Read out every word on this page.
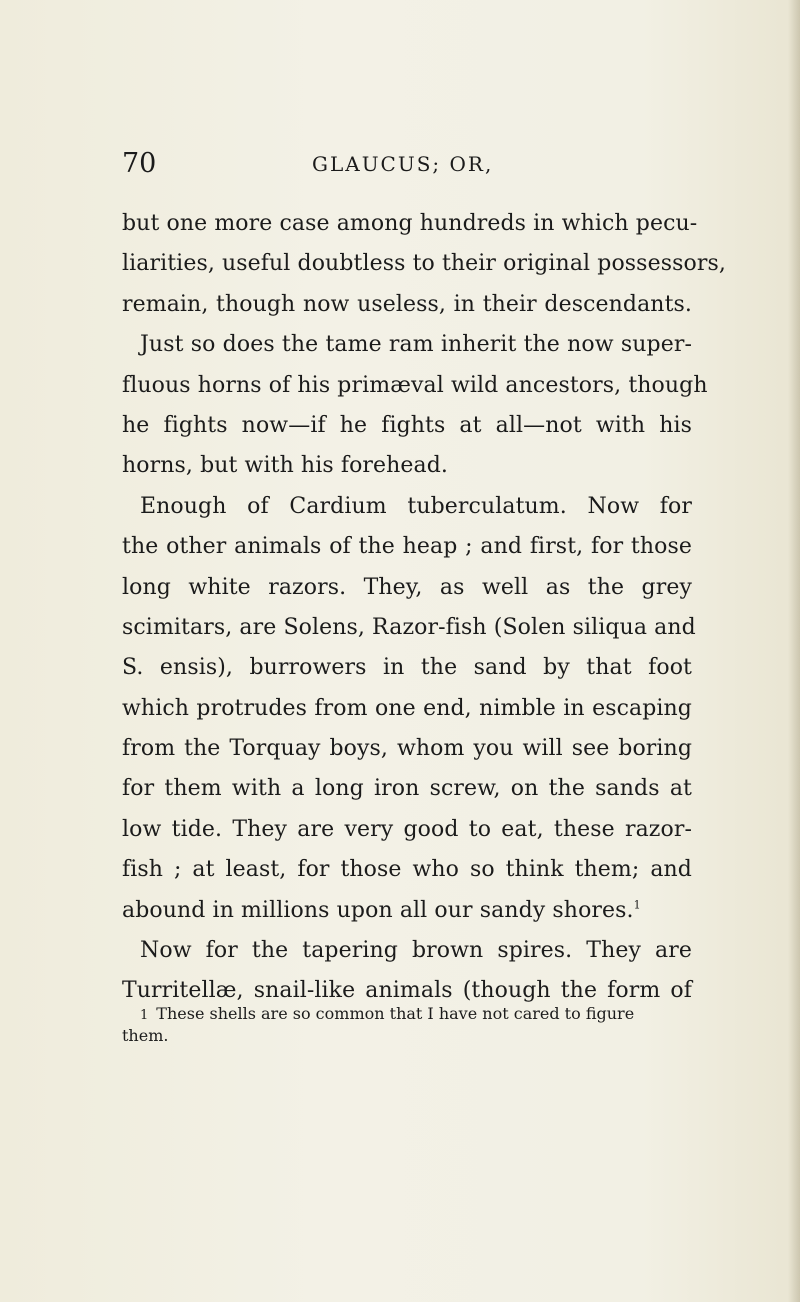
70	GLAUCUS; OR,
but one more case among hundreds in which pecu-
liarities, useful doubtless to their original possessors,
remain, though now useless, in their descendants.
Just so does the tame ram inherit the now super-
fluous horns of his primæval wild ancestors, though
he fights now—if he fights at all—not with his
horns, but with his forehead.
Enough of Cardium tuberculatum. Now for
the other animals of the heap ; and first, for those
long white razors. They, as well as the grey
scimitars, are Solens, Razor-fish (Solen siliqua and
S. ensis), burrowers in the sand by that foot
which protrudes from one end, nimble in escaping
from the Torquay boys, whom you will see boring
for them with a long iron screw, on the sands at
low tide. They are very good to eat, these razor-
fish ; at least, for those who so think them; and
abound in millions upon all our sandy shores.$^1$
Now for the tapering brown spires. They are
Turritellæ, snail-like animals (though the form of
1 These shells are so common that I have not cared to figure
them.
